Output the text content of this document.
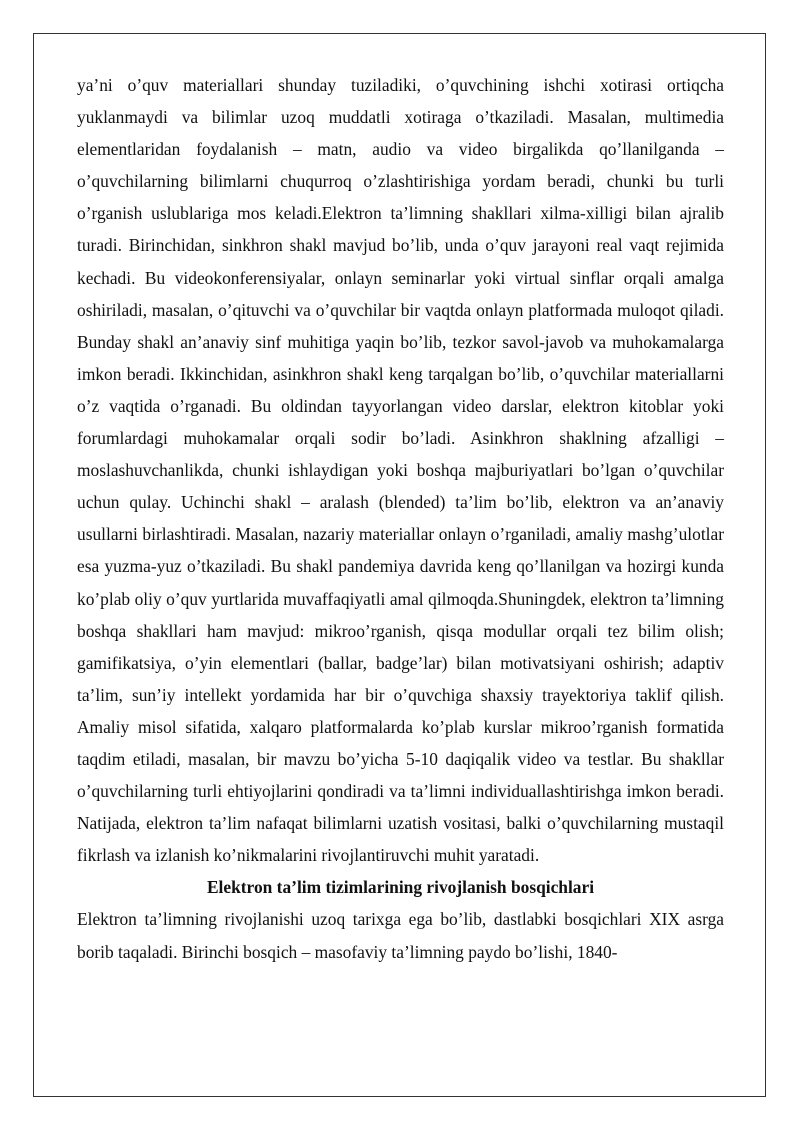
ya’ni o’quv materiallari shunday tuziladiki, o’quvchining ishchi xotirasi ortiqcha yuklanmaydi va bilimlar uzoq muddatli xotiraga o’tkaziladi. Masalan, multimedia elementlaridan foydalanish – matn, audio va video birgalikda qo’llanilganda – o’quvchilarning bilimlarni chuqurroq o’zlashtirishiga yordam beradi, chunki bu turli o’rganish uslublariga mos keladi.Elektron ta’limning shakllari xilma-xilligi bilan ajralib turadi. Birinchidan, sinkhron shakl mavjud bo’lib, unda o’quv jarayoni real vaqt rejimida kechadi. Bu videokonferensiyalar, onlayn seminarlar yoki virtual sinflar orqali amalga oshiriladi, masalan, o’qituvchi va o’quvchilar bir vaqtda onlayn platformada muloqot qiladi. Bunday shakl an’anaviy sinf muhitiga yaqin bo’lib, tezkor savol-javob va muhokamalarga imkon beradi. Ikkinchidan, asinkhron shakl keng tarqalgan bo’lib, o’quvchilar materiallarni o’z vaqtida o’rganadi. Bu oldindan tayyorlangan video darslar, elektron kitoblar yoki forumlardagi muhokamalar orqali sodir bo’ladi. Asinkhron shaklning afzalligi – moslashuvchanlikda, chunki ishlaydigan yoki boshqa majburiyatlari bo’lgan o’quvchilar uchun qulay. Uchinchi shakl – aralash (blended) ta’lim bo’lib, elektron va an’anaviy usullarni birlashtiradi. Masalan, nazariy materiallar onlayn o’rganiladi, amaliy mashg’ulotlar esa yuzma-yuz o’tkaziladi. Bu shakl pandemiya davrida keng qo’llanilgan va hozirgi kunda ko’plab oliy o’quv yurtlarida muvaffaqiyatli amal qilmoqda.Shuningdek, elektron ta’limning boshqa shakllari ham mavjud: mikroo’rganish, qisqa modullar orqali tez bilim olish; gamifikatsiya, o’yin elementlari (ballar, badge’lar) bilan motivatsiyani oshirish; adaptiv ta’lim, sun’iy intellekt yordamida har bir o’quvchiga shaxsiy trayektoriya taklif qilish. Amaliy misol sifatida, xalqaro platformalarda ko’plab kurslar mikroo’rganish formatida taqdim etiladi, masalan, bir mavzu bo’yicha 5-10 daqiqalik video va testlar. Bu shakllar o’quvchilarning turli ehtiyojlarini qondiradi va ta’limni individuallashtirishga imkon beradi. Natijada, elektron ta’lim nafaqat bilimlarni uzatish vositasi, balki o’quvchilarning mustaqil fikrlash va izlanish ko’nikmalarini rivojlantiruvchi muhit yaratadi.

Elektron ta’lim tizimlarining rivojlanish bosqichlari

Elektron ta’limning rivojlanishi uzoq tarixga ega bo’lib, dastlabki bosqichlari XIX asrga borib taqaladi. Birinchi bosqich – masofaviy ta’limning paydo bo’lishi, 1840-
